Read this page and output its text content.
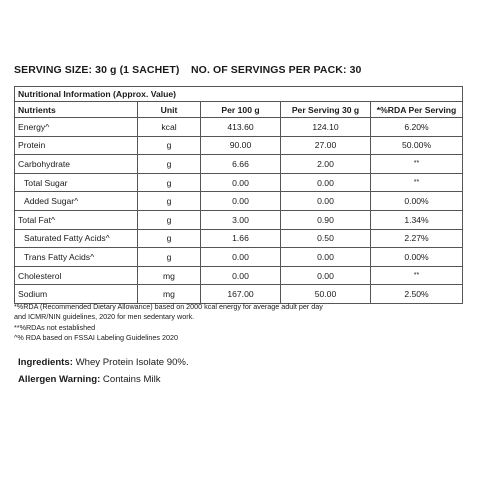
SERVING SIZE: 30 g (1 SACHET) NO. OF SERVINGS PER PACK: 30
Nutritional Information (Approx. Value)				
Nutrients	Unit	Per 100 g	Per Serving 30 g	*%RDA Per Serving
Energy^	kcal	413.60	124.10	6.20%
Protein	g	90.00	27.00	50.00%
Carbohydrate	g	6.66	2.00	**
Total Sugar	g	0.00	0.00	**
Added Sugar^	g	0.00	0.00	0.00%
Total Fat^	g	3.00	0.90	1.34%
Saturated Fatty Acids^	g	1.66	0.50	2.27%
Trans Fatty Acids^	g	0.00	0.00	0.00%
Cholesterol	mg	0.00	0.00	**
Sodium	mg	167.00	50.00	2.50%
*%RDA (Recommended Dietary Allowance) based on 2000 kcal energy for average adult per day
and ICMR/NIN guidelines, 2020 for men sedentary work.
**%RDAs not established
^% RDA based on FSSAI Labeling Guidelines 2020
Ingredients: Whey Protein Isolate 90%.
Allergen Warning: Contains Milk
